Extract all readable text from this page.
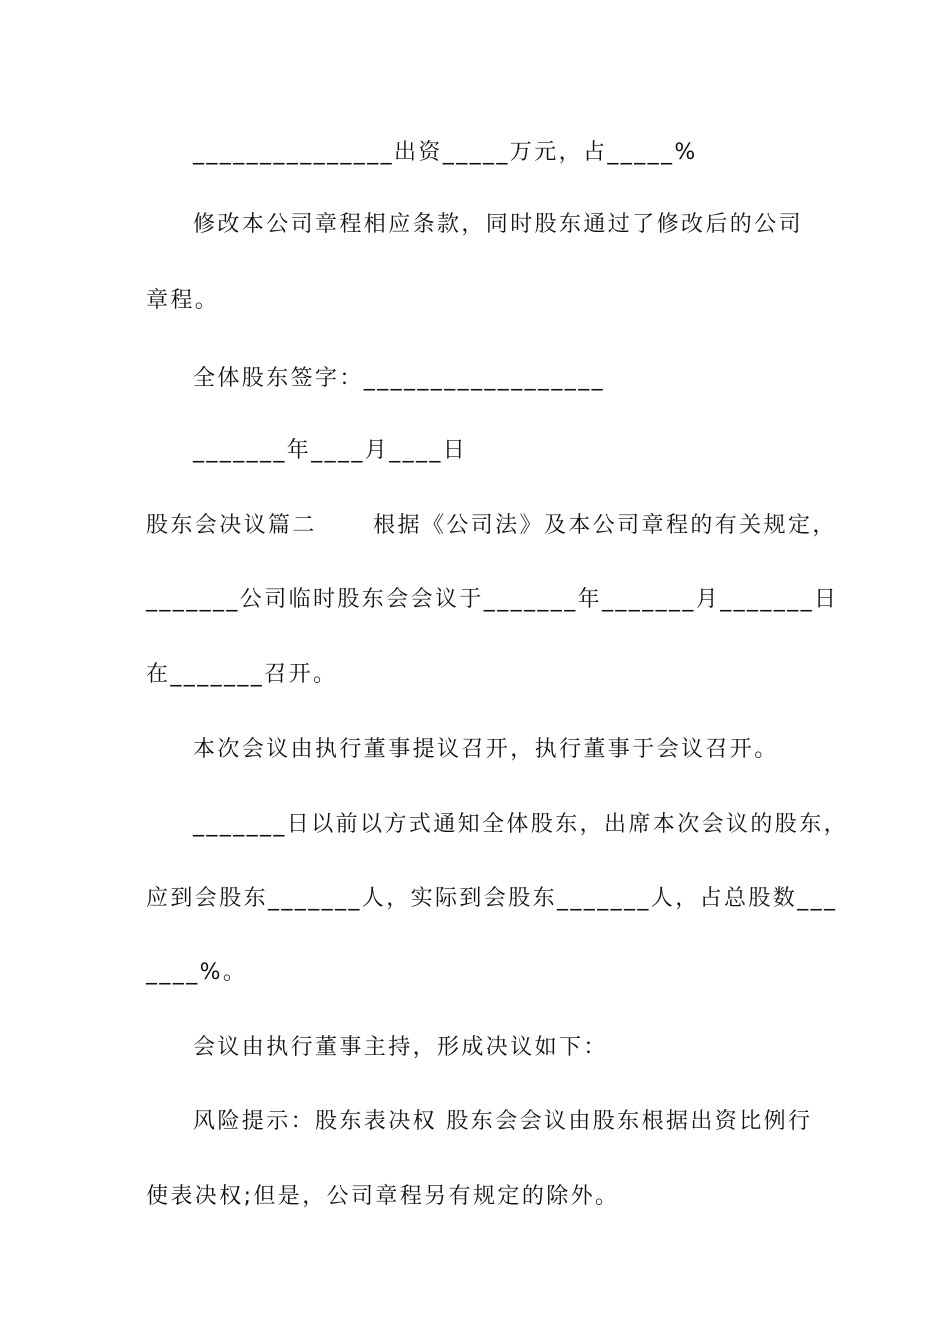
_______________出资_____万元，占_____%
修改本公司章程相应条款，同时股东通过了修改后的公司
章程。
全体股东签字：__________________
_______年____月____日
股东会决议篇二      根据《公司法》及本公司章程的有关规定，
_______公司临时股东会会议于_______年_______月_______日
在_______召开。
本次会议由执行董事提议召开，执行董事于会议召开。
_______日以前以方式通知全体股东，出席本次会议的股东，
应到会股东_______人，实际到会股东_______人，占总股数___
____%。
会议由执行董事主持，形成决议如下：
风险提示：股东表决权 股东会会议由股东根据出资比例行
使表决权;但是，公司章程另有规定的除外。
